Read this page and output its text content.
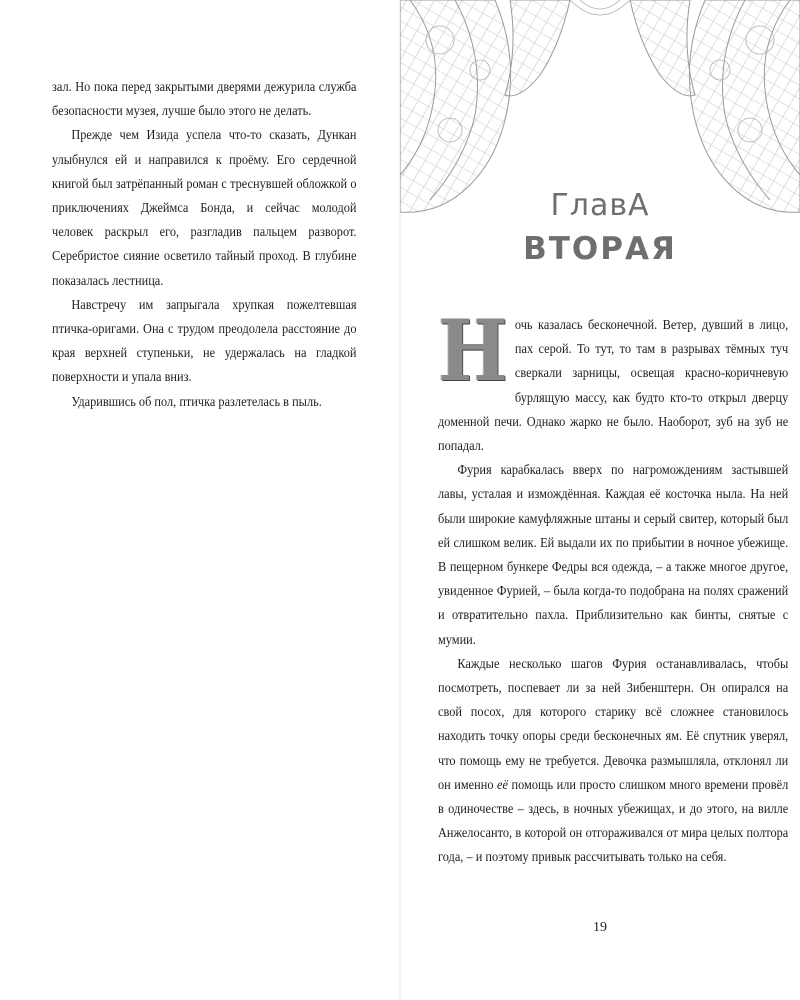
зал. Но пока перед закрытыми дверями дежурила служба безопасности музея, лучше было этого не делать.

Прежде чем Изида успела что-то сказать, Дункан улыбнулся ей и направился к проёму. Его сердечной книгой был затрёпанный роман с треснувшей обложкой о приключениях Джеймса Бонда, и сейчас молодой человек раскрыл его, разгладив пальцем разворот. Серебристое сияние осветило тайный проход. В глубине показалась лестница.

Навстречу им запрыгала хрупкая пожелтевшая птичка-оригами. Она с трудом преодолела расстояние до края верхней ступеньки, не удержалась на гладкой поверхности и упала вниз.

Ударившись об пол, птичка разлетелась в пыль.

ГлавА
ВТОРАЯ

Ночь казалась бесконечной. Ветер, дувший в лицо, пах серой. То тут, то там в разрывах тёмных туч сверкали зарницы, освещая красно-коричневую бурлящую массу, как будто кто-то открыл дверцу доменной печи. Однако жарко не было. Наоборот, зуб на зуб не попадал.

Фурия карабкалась вверх по нагромождениям застывшей лавы, усталая и измождённая. Каждая её косточка ныла. На ней были широкие камуфляжные штаны и серый свитер, который был ей слишком велик. Ей выдали их по прибытии в ночное убежище. В пещерном бункере Федры вся одежда, – а также многое другое, увиденное Фурией, – была когда-то подобрана на полях сражений и отвратительно пахла. Приблизительно как бинты, снятые с мумии.

Каждые несколько шагов Фурия останавливалась, чтобы посмотреть, поспевает ли за ней Зибенштерн. Он опирался на свой посох, для которого старику всё сложнее становилось находить точку опоры среди бесконечных ям. Её спутник уверял, что помощь ему не требуется. Девочка размышляла, отклонял ли он именно её помощь или просто слишком много времени провёл в одиночестве – здесь, в ночных убежищах, и до этого, на вилле Анжелосанто, в которой он отгораживался от мира целых полтора года, – и поэтому привык рассчитывать только на себя.

19
